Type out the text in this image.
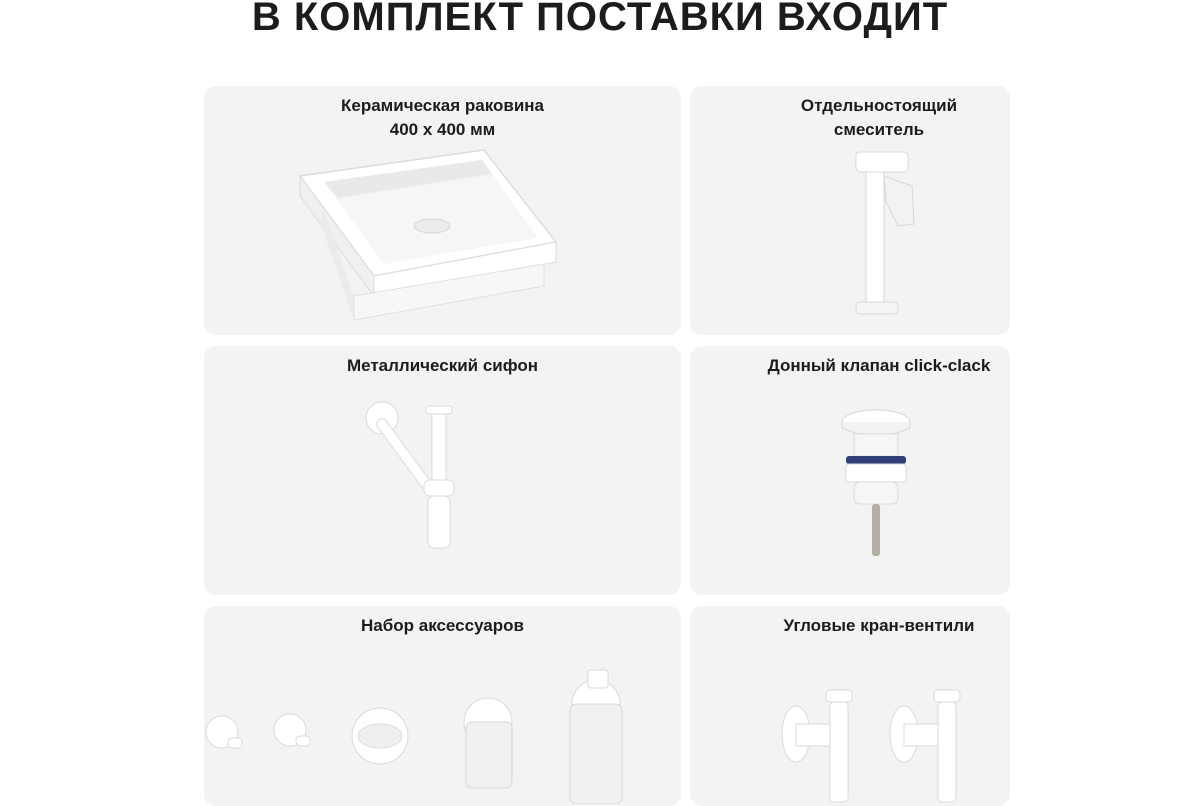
В КОМПЛЕКТ ПОСТАВКИ ВХОДИТ
Керамическая раковина
400 х 400 мм
Отдельностоящий
смеситель
Металлический сифон	Донный клапан click-clack
Набор аксессуаров	Угловые кран-вентили
